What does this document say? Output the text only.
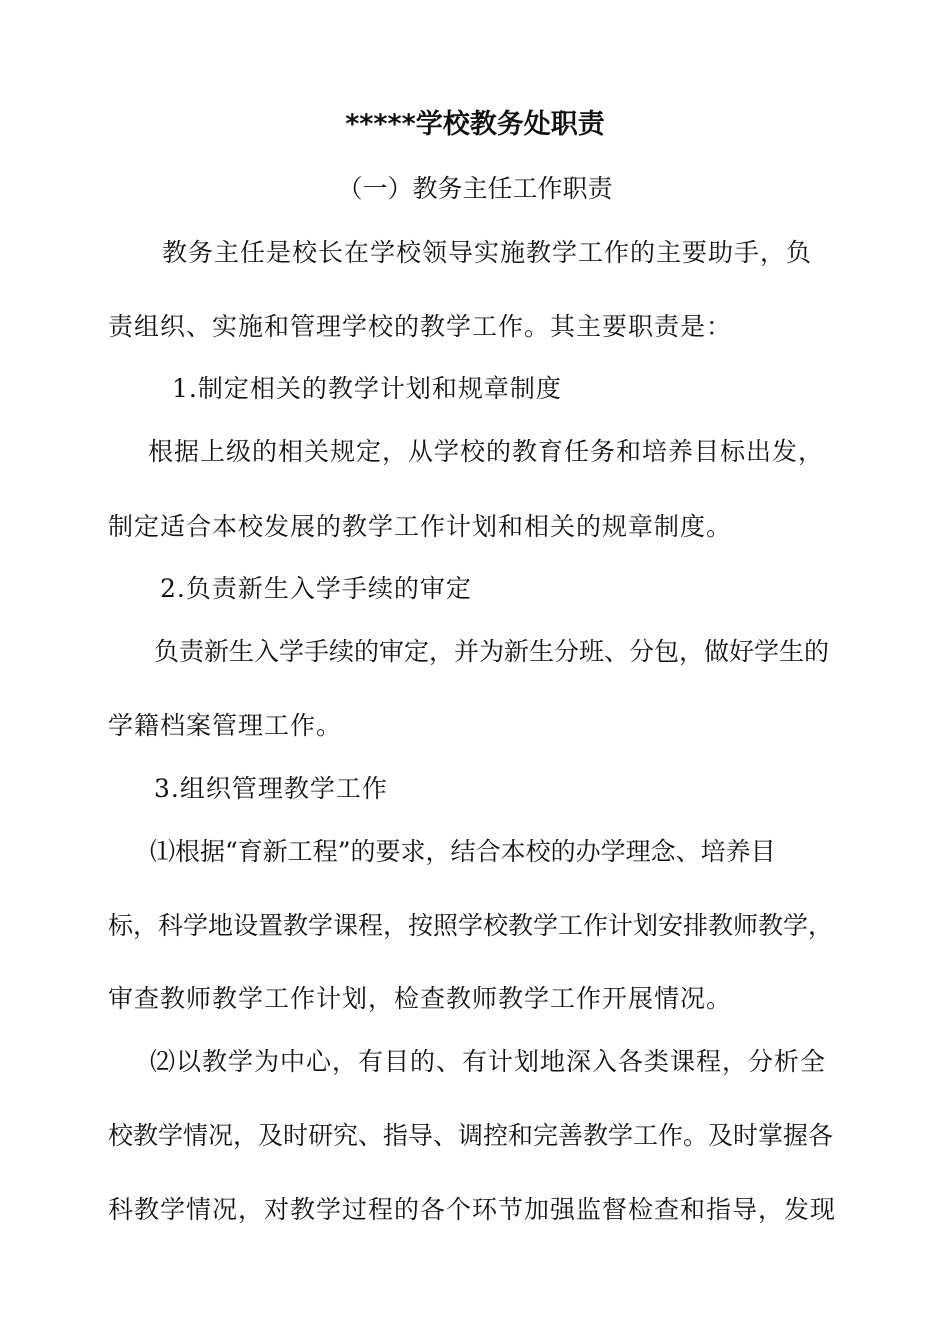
*****学校教务处职责
（一）教务主任工作职责
教务主任是校长在学校领导实施教学工作的主要助手，负
责组织、实施和管理学校的教学工作。其主要职责是：
1.制定相关的教学计划和规章制度
根据上级的相关规定，从学校的教育任务和培养目标出发，
制定适合本校发展的教学工作计划和相关的规章制度。
2.负责新生入学手续的审定
负责新生入学手续的审定，并为新生分班、分包，做好学生的
学籍档案管理工作。
3.组织管理教学工作
⑴根据“育新工程”的要求，结合本校的办学理念、培养目
标，科学地设置教学课程，按照学校教学工作计划安排教师教学，
审查教师教学工作计划，检查教师教学工作开展情况。
⑵以教学为中心，有目的、有计划地深入各类课程，分析全
校教学情况，及时研究、指导、调控和完善教学工作。及时掌握各
科教学情况，对教学过程的各个环节加强监督检查和指导，发现
